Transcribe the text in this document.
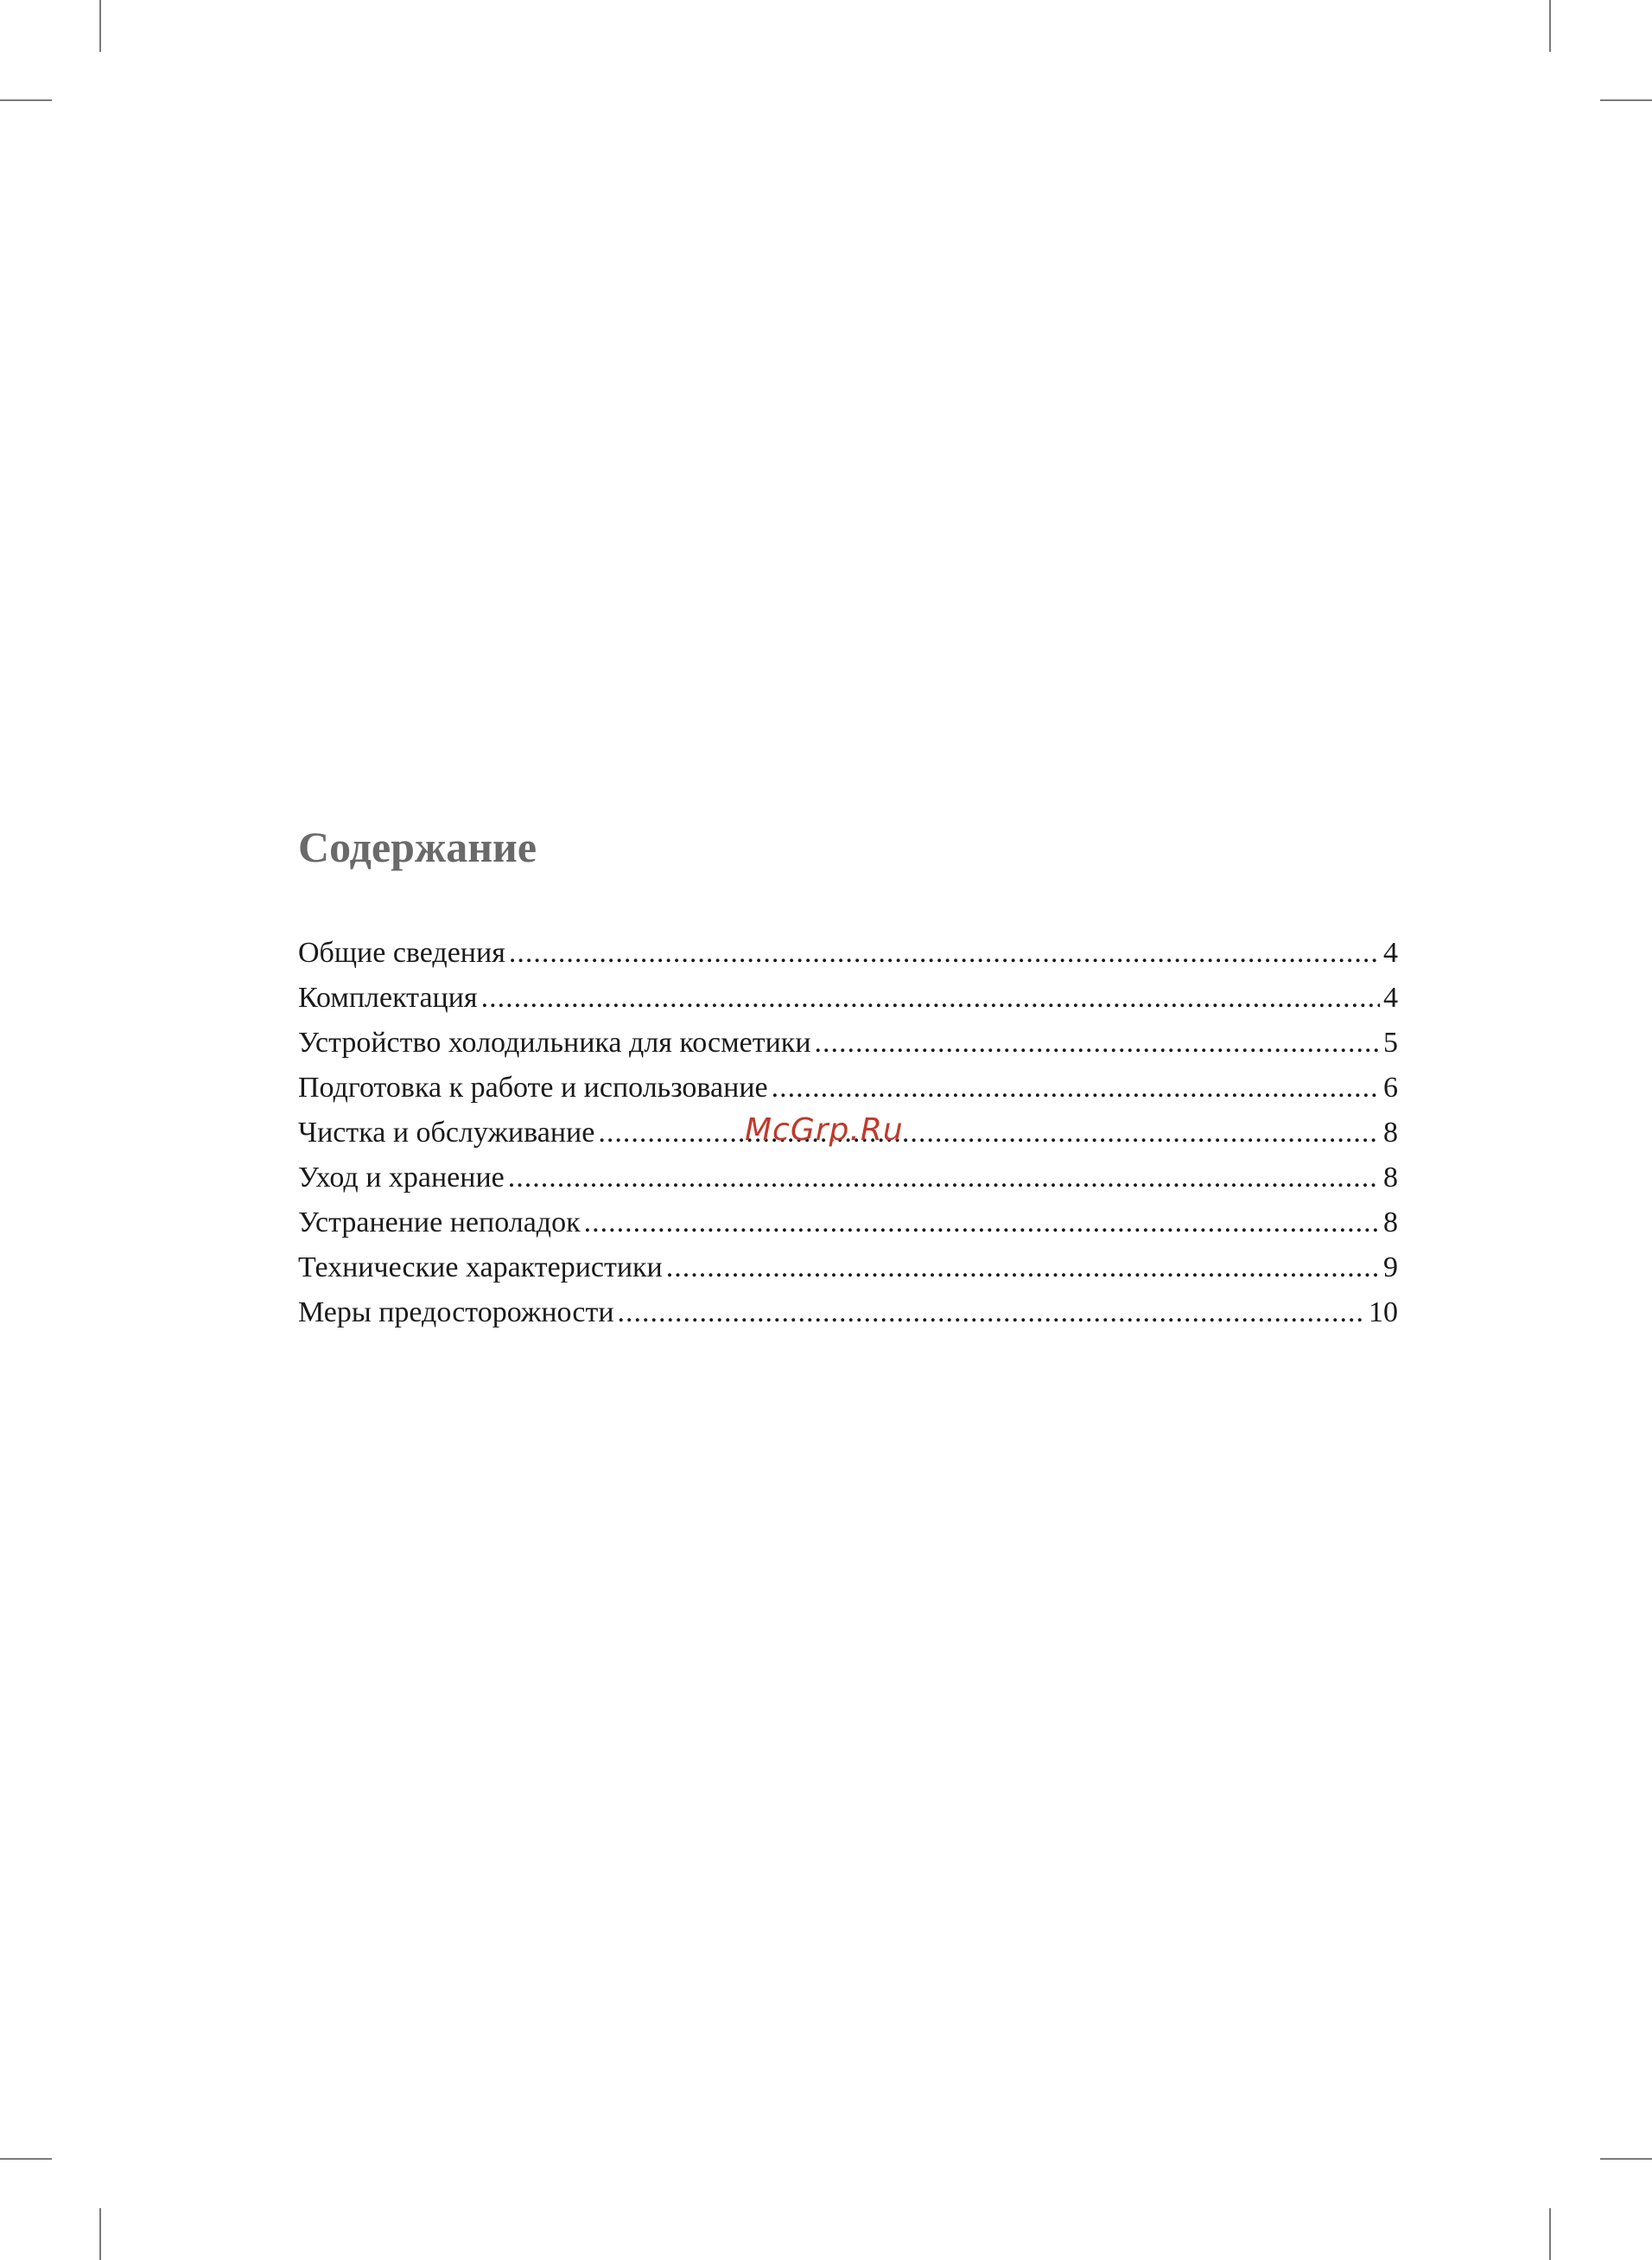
Содержание
Общие сведения .....	4
Комплектация .....	4
Устройство холодильника для косметики .....	5
Подготовка к работе и использование .....	6
Чистка и обслуживание .....	8
Уход и хранение .....	8
Устранение неполадок .....	8
Технические характеристики .....	9
Меры предосторожности .....	10
McGrp.Ru
